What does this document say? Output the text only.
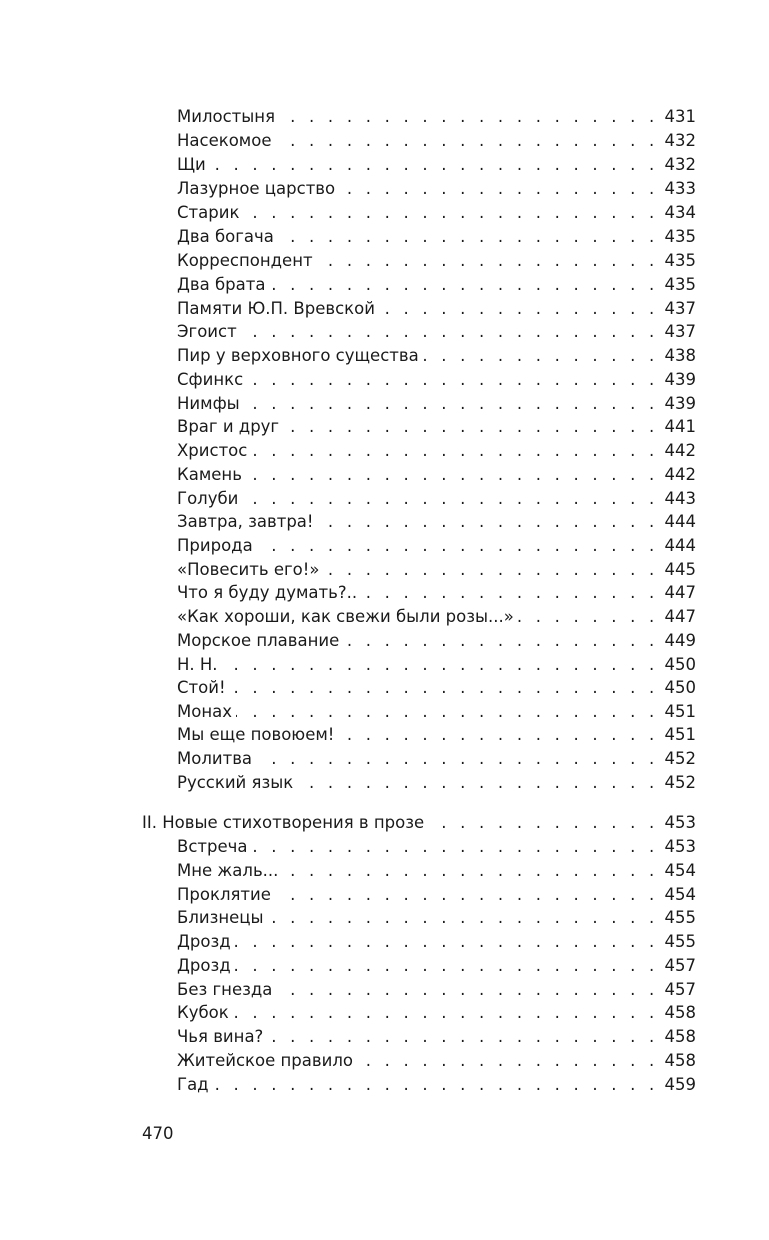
Милостыня . . .	431
Насекомое . . .	432
Щи . . .	432
Лазурное царство . . .	433
Старик . . .	434
Два богача . . .	435
Корреспондент . . .	435
Два брата . . .	435
Памяти Ю.П. Вревской . . .	437
Эгоист . . .	437
Пир у верховного существа . . .	438
Сфинкс . . .	439
Нимфы . . .	439
Враг и друг . . .	441
Христос . . .	442
Камень . . .	442
Голуби . . .	443
Завтра, завтра! . . .	444
Природа . . .	444
«Повесить его!» . . .	445
Что я буду думать?.. . . .	447
«Как хороши, как свежи были розы...» . . .	447
Морское плавание . . .	449
Н. Н. . . .	450
Стой! . . .	450
Монах . . .	451
Мы еще повоюем! . . .	451
Молитва . . .	452
Русский язык . . .	452
II. Новые стихотворения в прозе . . .	453
Встреча . . .	453
Мне жаль... . . .	454
Проклятие . . .	454
Близнецы . . .	455
Дрозд . . .	455
Дрозд . . .	457
Без гнезда . . .	457
Кубок . . .	458
Чья вина? . . .	458
Житейское правило . . .	458
Гад . . .	459
470
